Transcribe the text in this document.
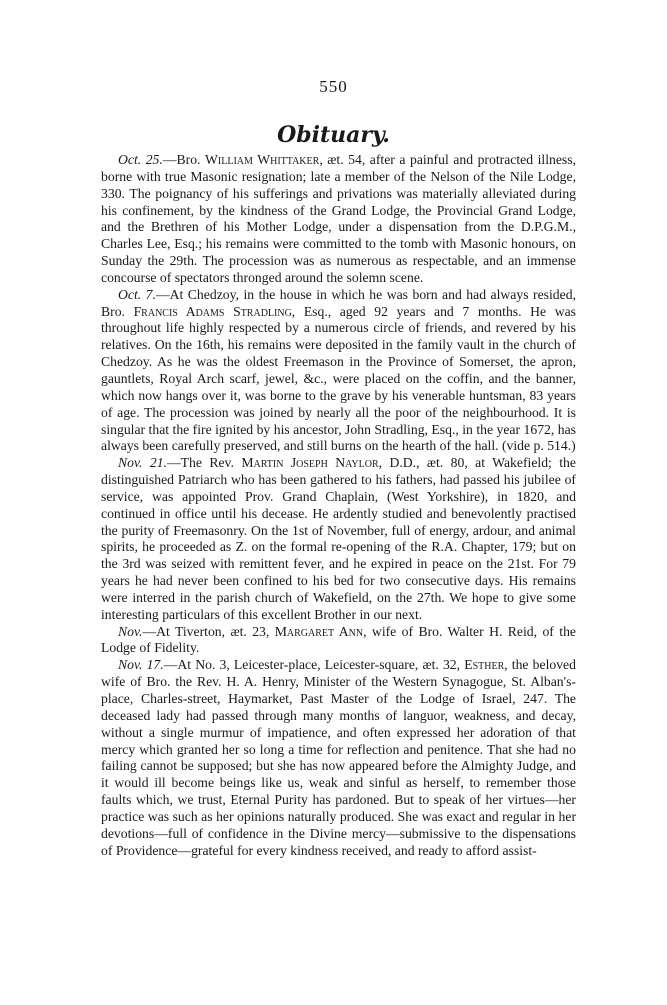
550
Obituary.

Oct. 25.—Bro. William Whittaker, æt. 54, after a painful and protracted illness, borne with true Masonic resignation; late a member of the Nelson of the Nile Lodge, 330. The poignancy of his sufferings and privations was materially alleviated during his confinement, by the kindness of the Grand Lodge, the Provincial Grand Lodge, and the Brethren of his Mother Lodge, under a dispensation from the D.P.G.M., Charles Lee, Esq.; his remains were committed to the tomb with Masonic honours, on Sunday the 29th. The procession was as numerous as respectable, and an immense concourse of spectators thronged around the solemn scene.

Oct. 7.—At Chedzoy, in the house in which he was born and had always resided, Bro. Francis Adams Stradling, Esq., aged 92 years and 7 months. He was throughout life highly respected by a numerous circle of friends, and revered by his relatives. On the 16th, his remains were deposited in the family vault in the church of Chedzoy. As he was the oldest Freemason in the Province of Somerset, the apron, gauntlets, Royal Arch scarf, jewel, &c., were placed on the coffin, and the banner, which now hangs over it, was borne to the grave by his venerable huntsman, 83 years of age. The procession was joined by nearly all the poor of the neighbourhood. It is singular that the fire ignited by his ancestor, John Stradling, Esq., in the year 1672, has always been carefully preserved, and still burns on the hearth of the hall. (vide p. 514.)

Nov. 21.—The Rev. Martin Joseph Naylor, D.D., æt. 80, at Wakefield; the distinguished Patriarch who has been gathered to his fathers, had passed his jubilee of service, was appointed Prov. Grand Chaplain, (West Yorkshire), in 1820, and continued in office until his decease. He ardently studied and benevolently practised the purity of Freemasonry. On the 1st of November, full of energy, ardour, and animal spirits, he proceeded as Z. on the formal re-opening of the R.A. Chapter, 179; but on the 3rd was seized with remittent fever, and he expired in peace on the 21st. For 79 years he had never been confined to his bed for two consecutive days. His remains were interred in the parish church of Wakefield, on the 27th. We hope to give some interesting particulars of this excellent Brother in our next.

Nov.—At Tiverton, æt. 23, Margaret Ann, wife of Bro. Walter H. Reid, of the Lodge of Fidelity.

Nov. 17.—At No. 3, Leicester-place, Leicester-square, æt. 32, Esther, the beloved wife of Bro. the Rev. H. A. Henry, Minister of the Western Synagogue, St. Alban's-place, Charles-street, Haymarket, Past Master of the Lodge of Israel, 247. The deceased lady had passed through many months of languor, weakness, and decay, without a single murmur of impatience, and often expressed her adoration of that mercy which granted her so long a time for reflection and penitence. That she had no failing cannot be supposed; but she has now appeared before the Almighty Judge, and it would ill become beings like us, weak and sinful as herself, to remember those faults which, we trust, Eternal Purity has pardoned. But to speak of her virtues—her practice was such as her opinions naturally produced. She was exact and regular in her devotions—full of confidence in the Divine mercy—submissive to the dispensations of Providence—grateful for every kindness received, and ready to afford assist-
